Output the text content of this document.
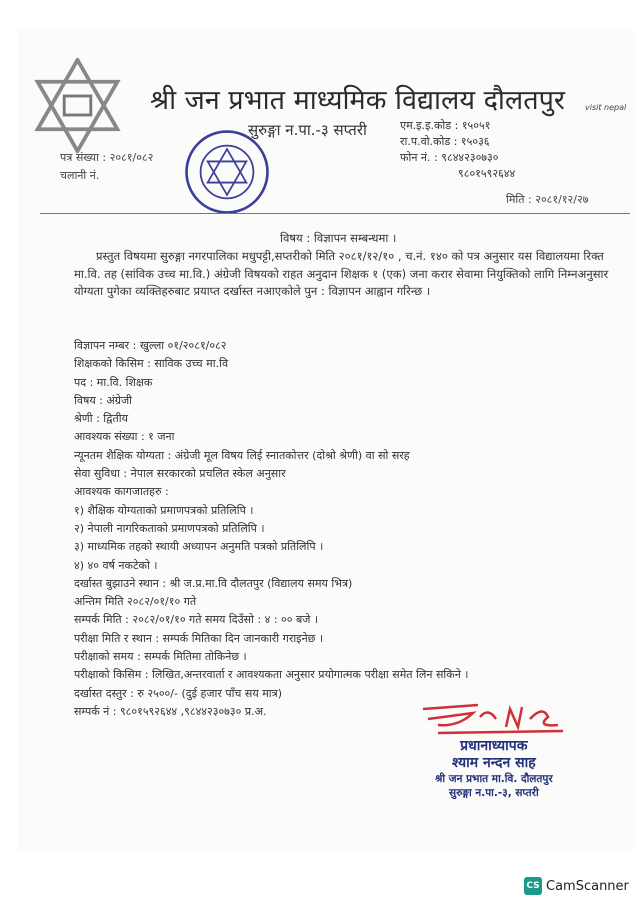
श्री जन प्रभात माध्यमिक विद्यालय दौलतपुर
सुरुङ्गा न.पा.-३ सप्तरी
visit nepal
पत्र संख्या : २०८१/०८२
चलानी नं.
एम.इ.इ.कोड : १५०५१
रा.प.वो.कोड : १५०३६
फोन नं. : ९८४४२३०७३०
९८०१५९२६४४
मिति : २०८१/१२/२७
विषय : विज्ञापन सम्बन्धमा ।
प्रस्तुत विषयमा सुरुङ्गा नगरपालिका मधुपट्टी,सप्तरीको मिति २०८१/१२/१० , च.नं. १४० को पत्र अनुसार यस विद्यालयमा रिक्त मा.वि. तह (सांविक उच्च मा.वि.) अंग्रेजी विषयको राहत अनुदान शिक्षक १ (एक) जना करार सेवामा नियुक्तिको लागि निम्नअनुसार योग्यता पुगेका व्यक्तिहरुबाट प्रयाप्त दर्खास्त नआएकोले पुन : विज्ञापन आह्वान गरिन्छ ।
विज्ञापन नम्बर : खुल्ला ०१/२०८१/०८२
शिक्षकको किसिम : साविक उच्च मा.वि
पद : मा.वि. शिक्षक
विषय : अंग्रेजी
श्रेणी : द्वितीय
आवश्यक संख्या : १ जना
न्यूनतम शैक्षिक योग्यता : अंग्रेजी मूल विषय लिई स्नातकोत्तर (दोश्रो श्रेणी) वा सो सरह
सेवा सुविधा : नेपाल सरकारको प्रचलित स्केल अनुसार
आवश्यक कागजातहरु :
१) शैक्षिक योग्यताको प्रमाणपत्रको प्रतिलिपि ।
२) नेपाली नागरिकताको प्रमाणपत्रको प्रतिलिपि ।
३) माध्यमिक तहको स्थायी अध्यापन अनुमति पत्रको प्रतिलिपि ।
४) ४० वर्ष नकटेको ।
दर्खास्त बुझाउने स्थान : श्री ज.प्र.मा.वि दौलतपुर (विद्यालय समय भित्र)
अन्तिम मिति २०८२/०१/१० गते
सम्पर्क मिति : २०८२/०१/१० गते समय दिउँसो : ४ : ०० बजे ।
परीक्षा मिति र स्थान : सम्पर्क मितिका दिन जानकारी गराइनेछ ।
परीक्षाको समय : सम्पर्क मितिमा तोकिनेछ ।
परीक्षाको किसिम : लिखित,अन्तरवार्ता र आवश्यकता अनुसार प्रयोगात्मक परीक्षा समेत लिन सकिने ।
दर्खास्त दस्तुर : रु २५००/- (दुई हजार पाँच सय मात्र)
सम्पर्क नं : ९८०१५९२६४४ ,९८४४२३०७३० प्र.अ.
प्रधानाध्यापक
श्याम नन्दन साह
श्री जन प्रभात मा.वि. दौलतपुर
सुरुङ्गा न.पा.-३, सप्तरी
CS CamScanner
